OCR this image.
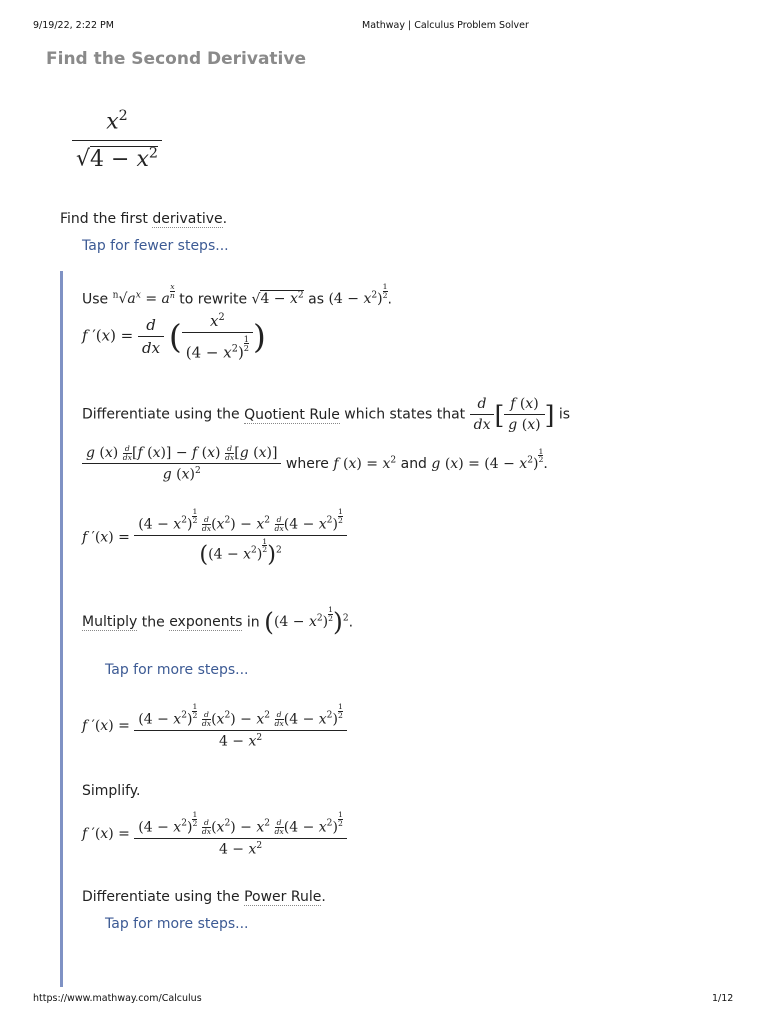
9/19/22, 2:22 PM	Mathway | Calculus Problem Solver
https://www.mathway.com/Calculus	1/12
Find the Second Derivative
$\frac{x^2}{√4 - x^2}$
Find the first derivative.
Tap for fewer steps...
Use $^n√a^x = a \frac{x}{n}$ to rewrite $√4 - x^2$ as $(4 - x^2) \frac{1}{2}$ .
f $'(x) = \frac{d}{dx}$ ( $\frac{x^2}{(4 - x^2) \frac{1}{2}}$ )
Differentiate using the Quotient Rule which states that $\frac{d}{dx}$ [ $\frac{f (x)}{g (x)}$ ] is
$\frac{g (x) \frac{d}{dx} [f (x)] - f (x) \frac{d}{dx} [g (x)]}{g (x)^2}$ where f $(x) = x^2$ and g $(x) = (4 - x^2) \frac{1}{2}$ .
f $'(x) = (4 - x^2) \frac{1}{2}$
$\frac{d}{dx} (x^2) - x^2 \frac{d}{dx} (4 - x^2) \frac{1}{2}$
$((4 - x^2) \frac{1}{2} )^2$
Multiply the exponents in $((4 - x^2) \frac{1}{2} )^2$.
Tap for more steps...
f $'(x) = (4 - x^2) \frac{1}{2}$
$\frac{d}{dx} (x^2) - x^2 \frac{d}{dx} (4 - x^2) \frac{1}{2}$
$4 - x^2$
Simplify.
f $'(x) = (4 - x^2) \frac{1}{2}$
$\frac{d}{dx} (x^2) - x^2 \frac{d}{dx} (4 - x^2) \frac{1}{2}$
$4 - x^2$
Differentiate using the Power Rule.
Tap for more steps...
